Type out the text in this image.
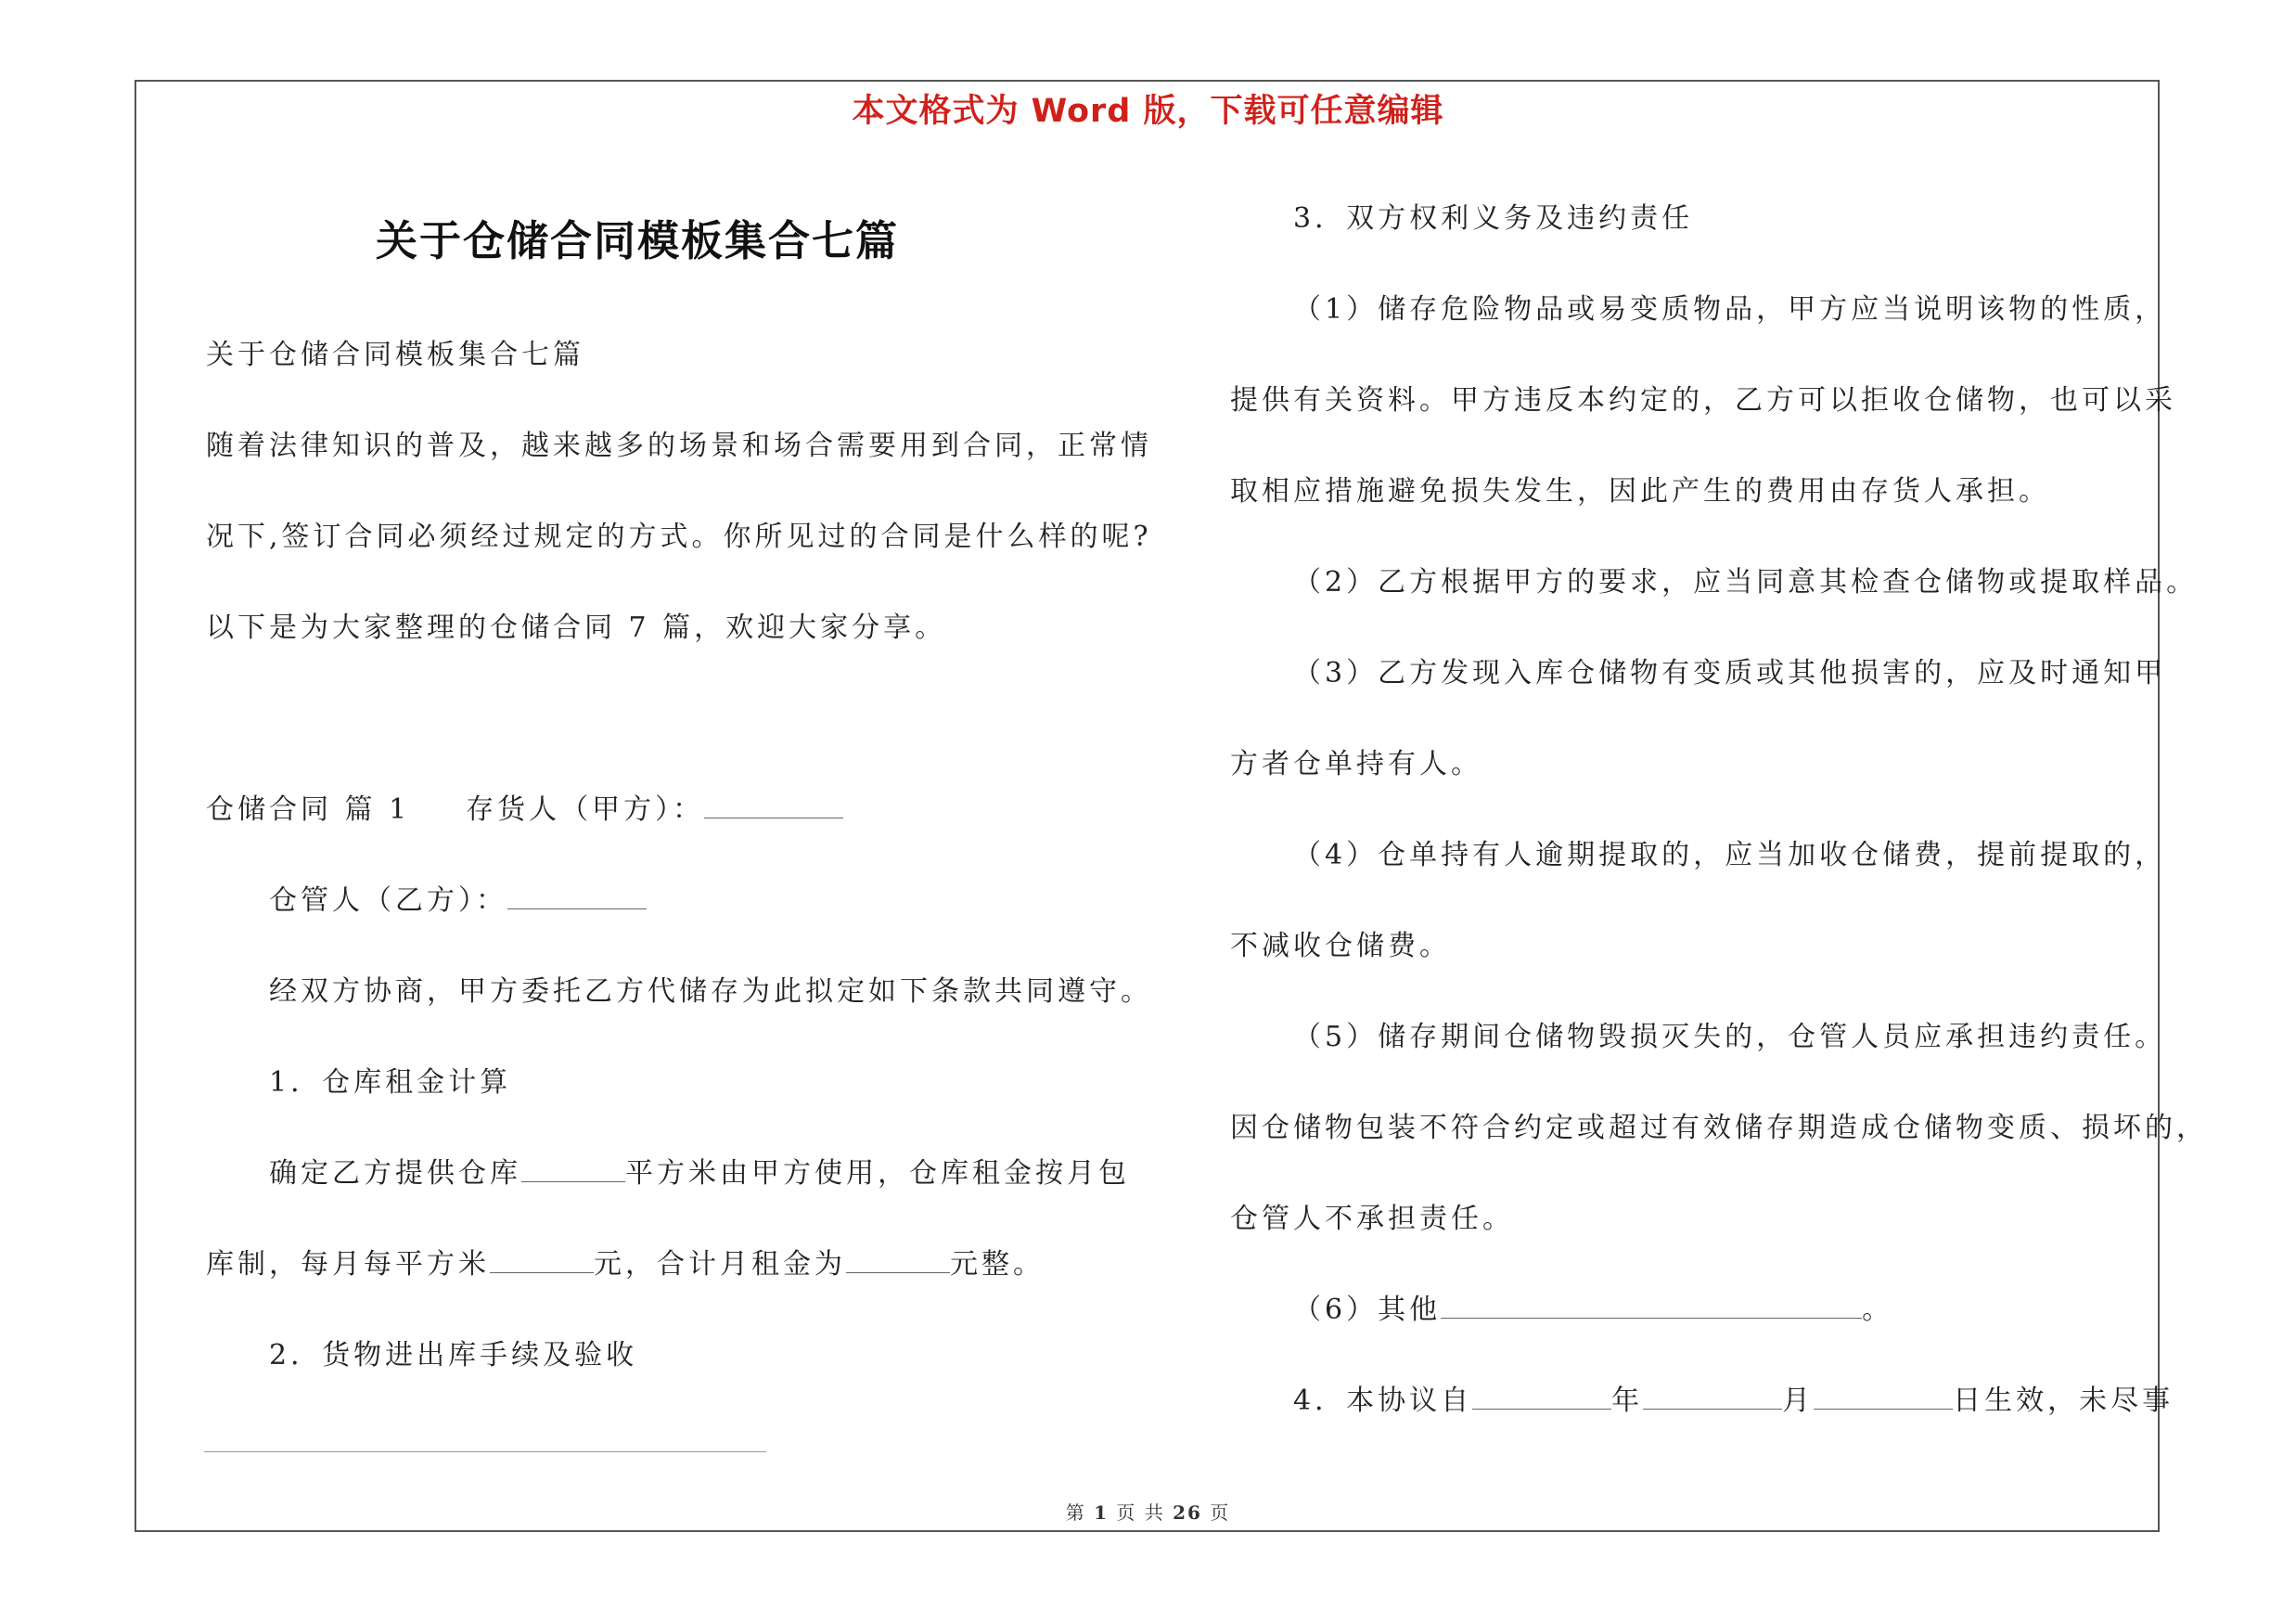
本文格式为 Word 版，下载可任意编辑
关于仓储合同模板集合七篇
关于仓储合同模板集合七篇
随着法律知识的普及，越来越多的场景和场合需要用到合同，正常情
况下,签订合同必须经过规定的方式。你所见过的合同是什么样的呢?
以下是为大家整理的仓储合同 7 篇，欢迎大家分享。
仓储合同 篇 1 存货人（甲方）：
仓管人（乙方）：
经双方协商，甲方委托乙方代储存为此拟定如下条款共同遵守。
1．仓库租金计算
确定乙方提供仓库	平方米由甲方使用，仓库租金按月包
库制，每月每平方米	元，合计月租金为	元整。
2．货物进出库手续及验收
3．双方权利义务及违约责任
（1）储存危险物品或易变质物品，甲方应当说明该物的性质，
提供有关资料。甲方违反本约定的，乙方可以拒收仓储物，也可以采
取相应措施避免损失发生，因此产生的费用由存货人承担。
（2）乙方根据甲方的要求，应当同意其检查仓储物或提取样品。
（3）乙方发现入库仓储物有变质或其他损害的，应及时通知甲
方者仓单持有人。
（4）仓单持有人逾期提取的，应当加收仓储费，提前提取的，
不减收仓储费。
（5）储存期间仓储物毁损灭失的，仓管人员应承担违约责任。
因仓储物包装不符合约定或超过有效储存期造成仓储物变质、损坏的，
仓管人不承担责任。
（6）其他	。
4．本协议自	年	月	日生效，未尽事
第 1 页 共 26 页
